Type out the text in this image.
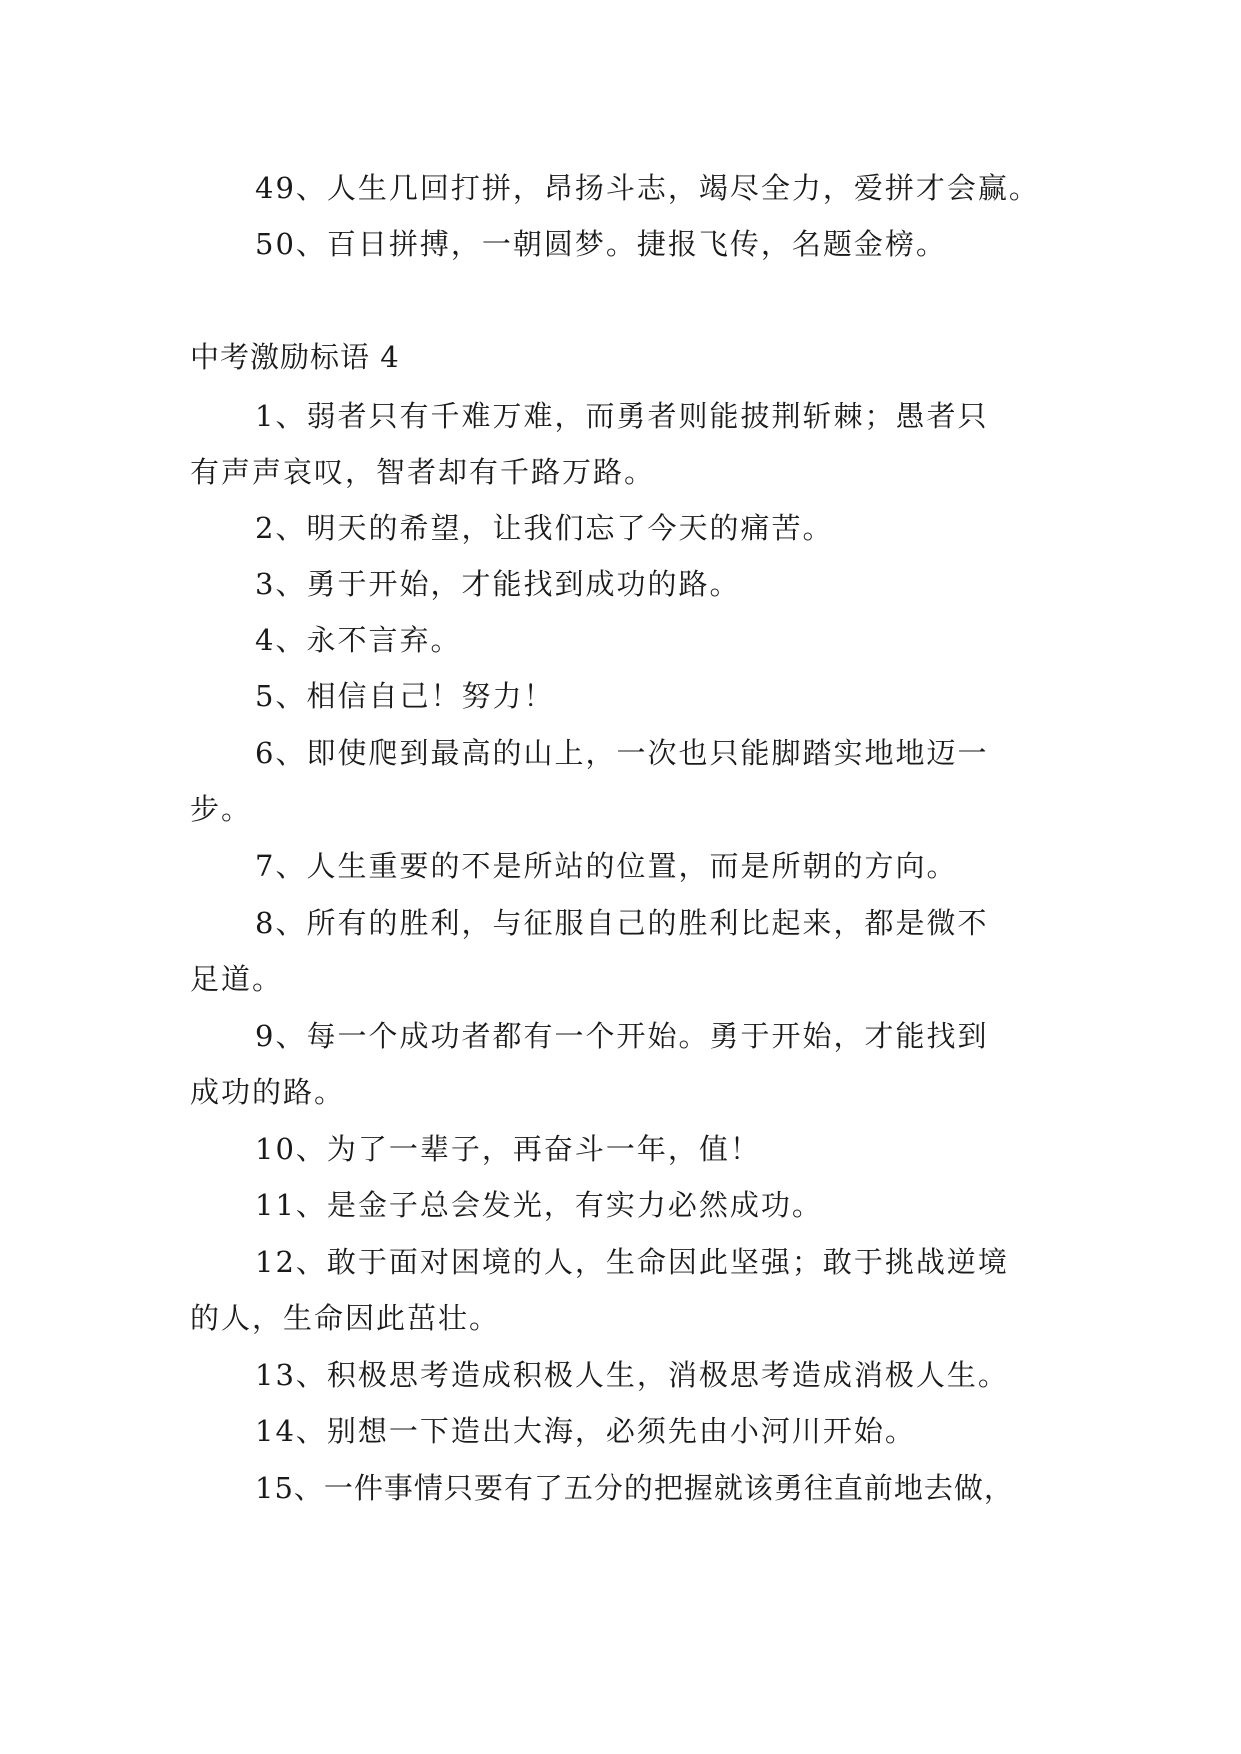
49、人生几回打拼，昂扬斗志，竭尽全力，爱拼才会赢。
50、百日拼搏，一朝圆梦。捷报飞传，名题金榜。
中考激励标语 4
1、弱者只有千难万难，而勇者则能披荆斩棘；愚者只
有声声哀叹，智者却有千路万路。
2、明天的希望，让我们忘了今天的痛苦。
3、勇于开始，才能找到成功的路。
4、永不言弃。
5、相信自己！努力！
6、即使爬到最高的山上，一次也只能脚踏实地地迈一
步。
7、人生重要的不是所站的位置，而是所朝的方向。
8、所有的胜利，与征服自己的胜利比起来，都是微不
足道。
9、每一个成功者都有一个开始。勇于开始，才能找到
成功的路。
10、为了一辈子，再奋斗一年，值！
11、是金子总会发光，有实力必然成功。
12、敢于面对困境的人，生命因此坚强；敢于挑战逆境
的人，生命因此茁壮。
13、积极思考造成积极人生，消极思考造成消极人生。
14、别想一下造出大海，必须先由小河川开始。
15、一件事情只要有了五分的把握就该勇往直前地去做，
